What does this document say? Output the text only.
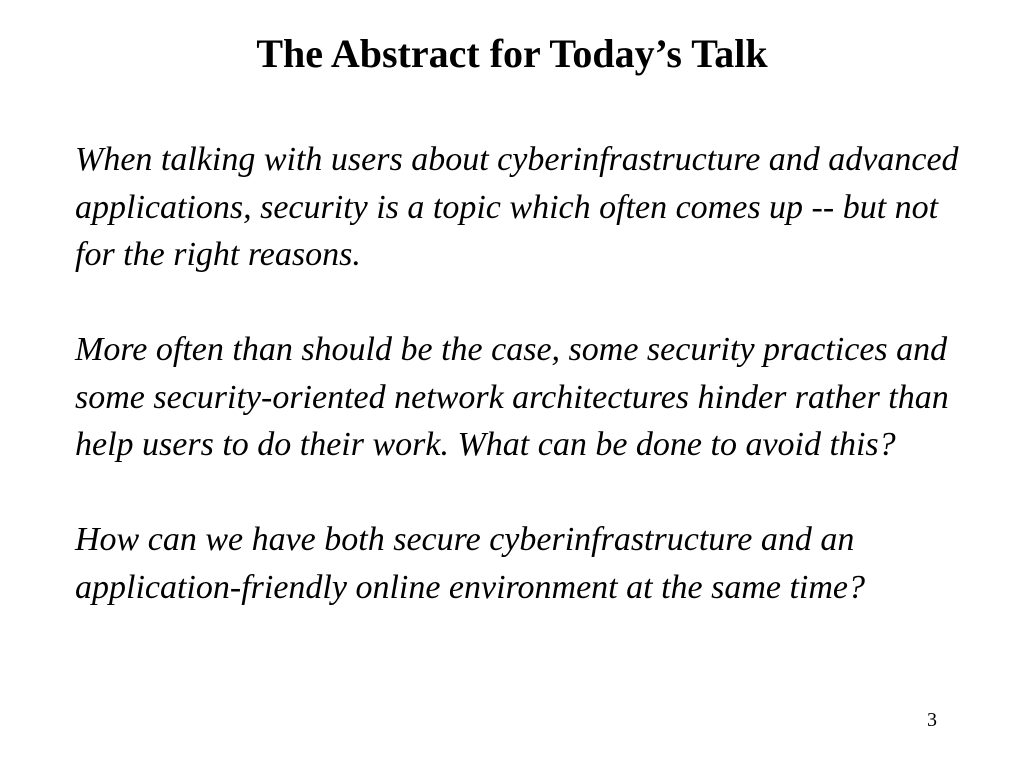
The Abstract for Today’s Talk

When talking with users about cyberinfrastructure and advanced applications, security is a topic which often comes up -- but not for the right reasons.

More often than should be the case, some security practices and some security-oriented network architectures hinder rather than help users to do their work. What can be done to avoid this?

How can we have both secure cyberinfrastructure and an application-friendly online environment at the same time?

3
